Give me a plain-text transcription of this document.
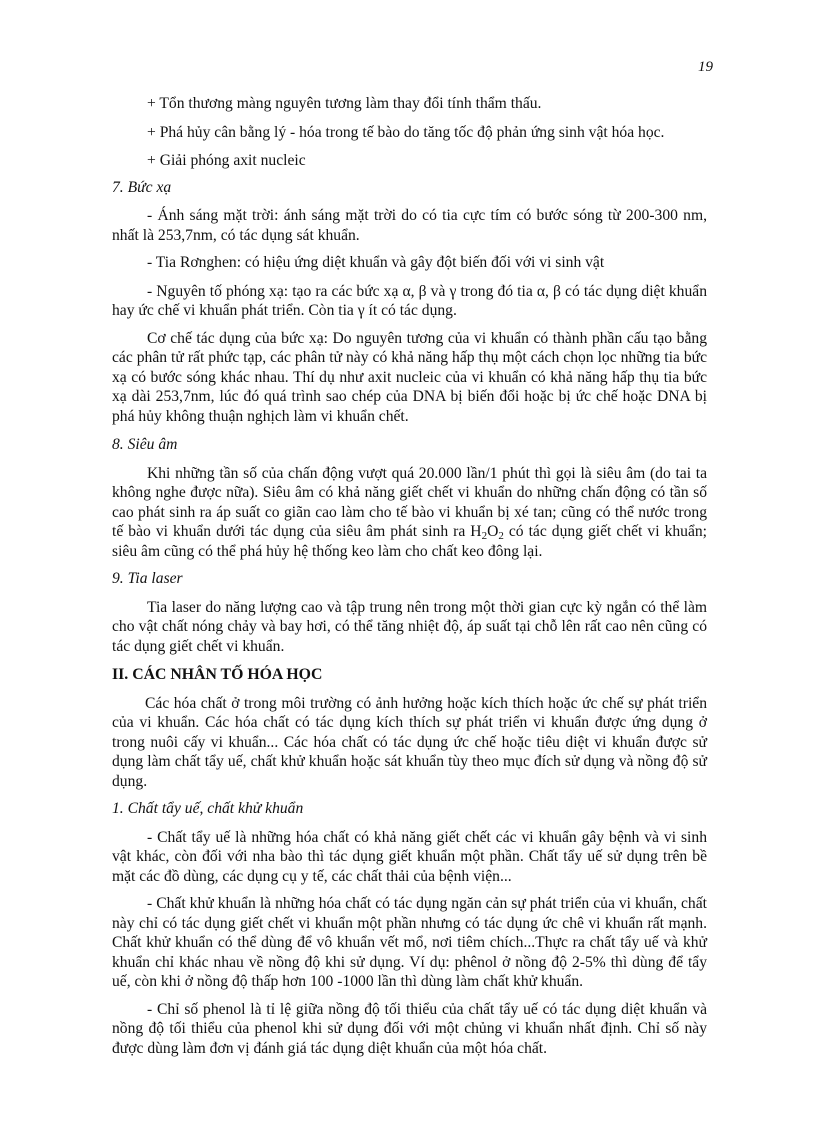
19

+ Tổn thương màng nguyên tương làm thay đổi tính thẩm thấu.

+ Phá hủy cân bằng lý - hóa trong tế bào do tăng tốc độ phản ứng sinh vật hóa học.

+ Giải phóng axit nucleic

7. Bức xạ

- Ánh sáng mặt trời: ánh sáng mặt trời do có tia cực tím có bước sóng từ 200-300 nm, nhất là 253,7nm, có tác dụng sát khuẩn.

- Tia Rơnghen: có hiệu ứng diệt khuẩn và gây đột biến đối với vi sinh vật

- Nguyên tố phóng xạ: tạo ra các bức xạ α, β và γ trong đó tia α, β có tác dụng diệt khuẩn hay ức chế vi khuẩn phát triển. Còn tia γ ít có tác dụng.

Cơ chế tác dụng của bức xạ: Do nguyên tương của vi khuẩn có thành phần cấu tạo bằng các phân tử rất phức tạp, các phân tử này có khả năng hấp thụ một cách chọn lọc những tia bức xạ có bước sóng khác nhau. Thí dụ như axit nucleic của vi khuẩn có khả năng hấp thụ tia bức xạ dài 253,7nm, lúc đó quá trình sao chép của DNA bị biến đổi hoặc bị ức chế hoặc DNA bị phá hủy không thuận nghịch làm vi khuẩn chết.

8. Siêu âm

Khi những tần số của chấn động vượt quá 20.000 lần/1 phút thì gọi là siêu âm (do tai ta không nghe được nữa). Siêu âm có khả năng giết chết vi khuẩn do những chấn động có tần số cao phát sinh ra áp suất co giãn cao làm cho tế bào vi khuẩn bị xé tan; cũng có thể nước trong tế bào vi khuẩn dưới tác dụng của siêu âm phát sinh ra $H_2O_2$ có tác dụng giết chết vi khuẩn; siêu âm cũng có thể phá hủy hệ thống keo làm cho chất keo đông lại.

9. Tia laser

Tia laser do năng lượng cao và tập trung nên trong một thời gian cực kỳ ngắn có thể làm cho vật chất nóng chảy và bay hơi, có thể tăng nhiệt độ, áp suất tại chỗ lên rất cao nên cũng có tác dụng giết chết vi khuẩn.

II. CÁC NHÂN TỐ HÓA HỌC

Các hóa chất ở trong môi trường có ảnh hưởng hoặc kích thích hoặc ức chế sự phát triển của vi khuẩn. Các hóa chất có tác dụng kích thích sự phát triển vi khuẩn được ứng dụng ở trong nuôi cấy vi khuẩn... Các hóa chất có tác dụng ức chế hoặc tiêu diệt vi khuẩn được sử dụng làm chất tẩy uế, chất khử khuẩn hoặc sát khuẩn tùy theo mục đích sử dụng và nồng độ sử dụng.

1. Chất tẩy uế, chất khử khuẩn

- Chất tẩy uế là những hóa chất có khả năng giết chết các vi khuẩn gây bệnh và vi sinh vật khác, còn đối với nha bào thì tác dụng giết khuẩn một phần. Chất tẩy uế sử dụng trên bề mặt các đồ dùng, các dụng cụ y tế, các chất thải của bệnh viện...

- Chất khử khuẩn là những hóa chất có tác dụng ngăn cản sự phát triển của vi khuẩn, chất này chỉ có tác dụng giết chết vi khuẩn một phần nhưng có tác dụng ức chê vi khuẩn rất mạnh. Chất khử khuẩn có thể dùng để vô khuẩn vết mổ, nơi tiêm chích...Thực ra chất tẩy uế và khử khuẩn chỉ khác nhau về nồng độ khi sử dụng. Ví dụ: phênol ở nồng độ 2-5% thì dùng để tẩy uế, còn khi ở nồng độ thấp hơn 100 -1000 lần thì dùng làm chất khử khuẩn.

- Chỉ số phenol là tỉ lệ giữa nồng độ tối thiểu của chất tẩy uế có tác dụng diệt khuẩn và nồng độ tối thiểu của phenol khi sử dụng đối với một chủng vi khuẩn nhất định. Chỉ số này được dùng làm đơn vị đánh giá tác dụng diệt khuẩn của một hóa chất.
